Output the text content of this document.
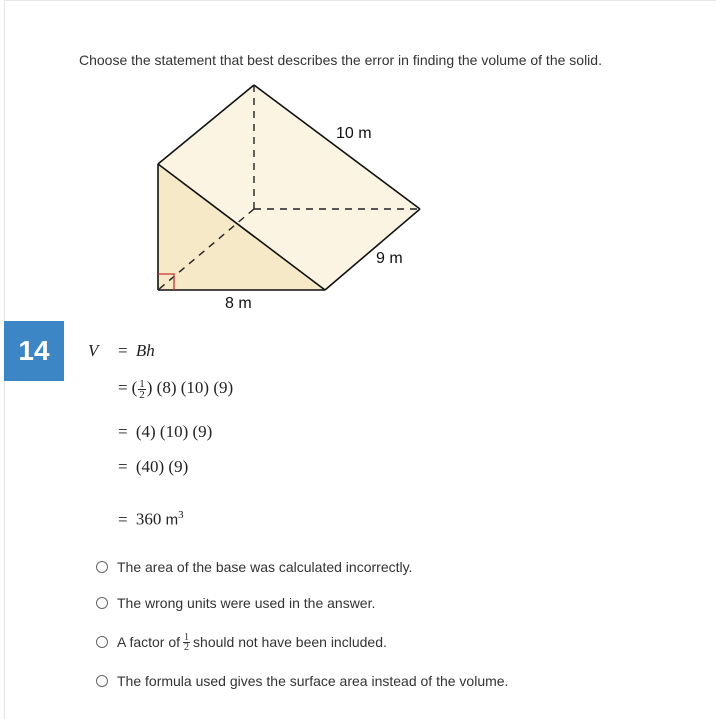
Choose the statement that best describes the error in finding the volume of the solid.
10 m
9 m
8 m
14	V = Bh
= ( $\frac{1}{2}$ ) (8) (10) (9)
= (4) (10) (9)
= (40) (9)
= 360 $m^3$
The area of the base was calculated incorrectly.
The wrong units were used in the answer.
A factor of $\frac{1}{2}$ should not have been included.
The formula used gives the surface area instead of the volume.
